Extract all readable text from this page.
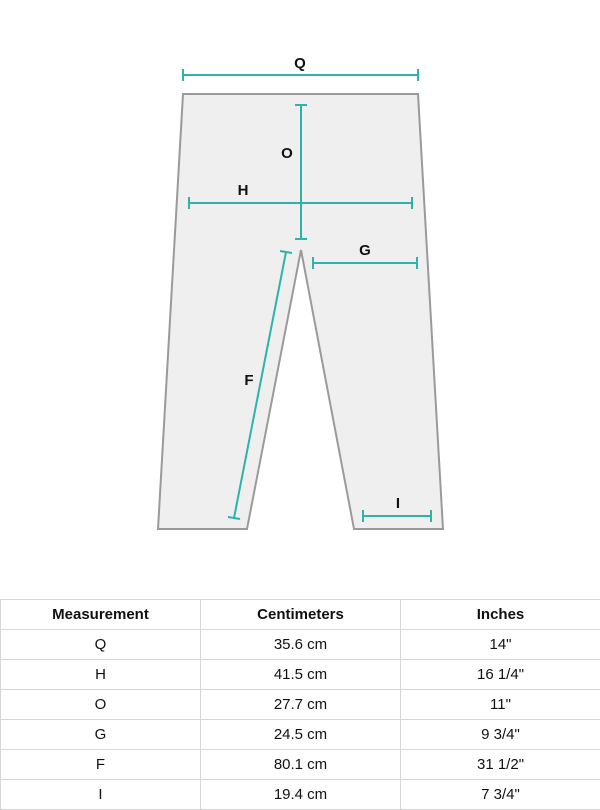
Q
O
H
G
F
I
Measurement	Centimeters	Inches
Q	35.6 cm	14"
H	41.5 cm	16 1/4"
O	27.7 cm	11"
G	24.5 cm	9 3/4"
F	80.1 cm	31 1/2"
I	19.4 cm	7 3/4"
